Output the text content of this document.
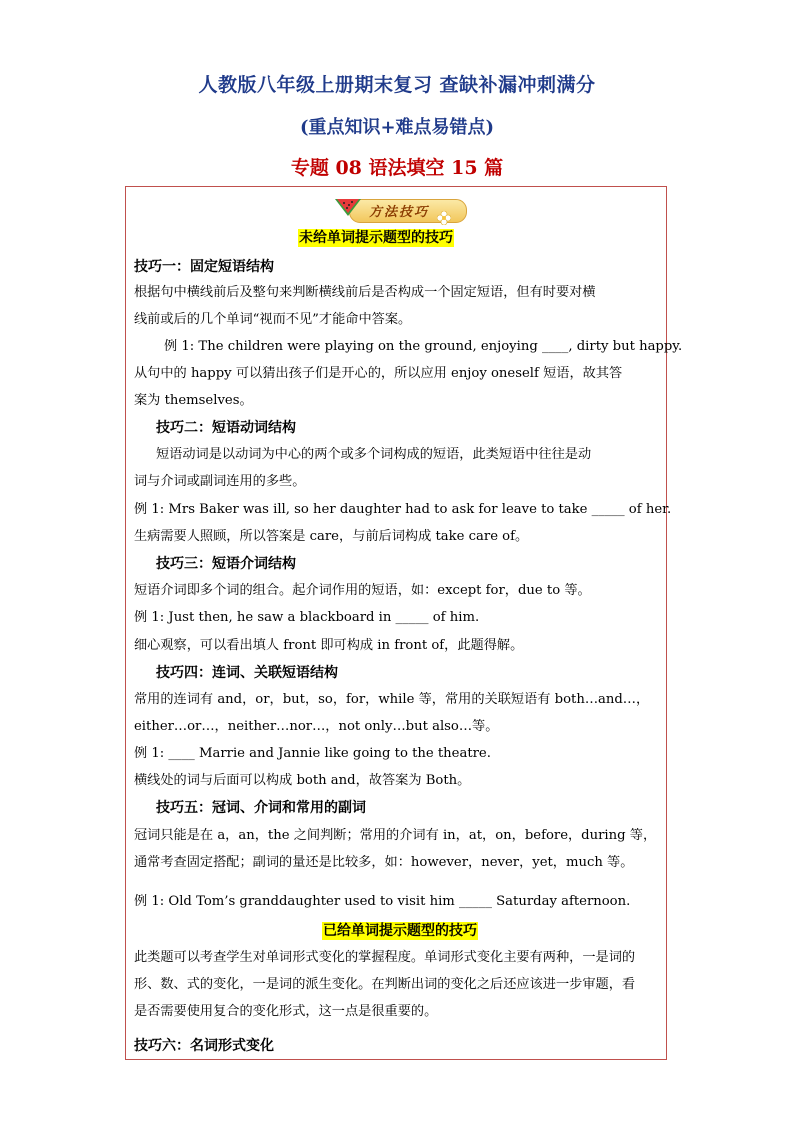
人教版八年级上册期末复习 查缺补漏冲刺满分
(重点知识+难点易错点)
专题 08 语法填空 15 篇
方法技巧
未给单词提示题型的技巧
技巧一：固定短语结构
根据句中横线前后及整句来判断横线前后是否构成一个固定短语，但有时要对横
线前或后的几个单词“视而不见”才能命中答案。
例 1: The children were playing on the ground, enjoying ____, dirty but happy.
从句中的 happy 可以猜出孩子们是开心的，所以应用 enjoy oneself 短语，故其答
案为 themselves。
技巧二：短语动词结构
短语动词是以动词为中心的两个或多个词构成的短语，此类短语中往往是动
词与介词或副词连用的多些。
例 1: Mrs Baker was ill, so her daughter had to ask for leave to take _____ of her.
生病需要人照顾，所以答案是 care，与前后词构成 take care of。
技巧三：短语介词结构
短语介词即多个词的组合。起介词作用的短语，如：except for，due to 等。
例 1: Just then, he saw a blackboard in _____ of him.
细心观察，可以看出填人 front 即可构成 in front of，此题得解。
技巧四：连词、关联短语结构
常用的连词有 and，or，but，so，for，while 等，常用的关联短语有 both…and…，
either…or…，neither…nor…，not only…but also…等。
例 1: ____ Marrie and Jannie like going to the theatre.
横线处的词与后面可以构成 both and，故答案为 Both。
技巧五：冠词、介词和常用的副词
冠词只能是在 a，an，the 之间判断；常用的介词有 in，at，on，before，during 等，
通常考查固定搭配；副词的量还是比较多，如：however，never，yet，much 等。
例 1: Old Tom’s granddaughter used to visit him _____ Saturday afternoon.
已给单词提示题型的技巧
此类题可以考查学生对单词形式变化的掌握程度。单词形式变化主要有两种，一是词的
形、数、式的变化，一是词的派生变化。在判断出词的变化之后还应该进一步审题，看
是否需要使用复合的变化形式，这一点是很重要的。
技巧六：名词形式变化
